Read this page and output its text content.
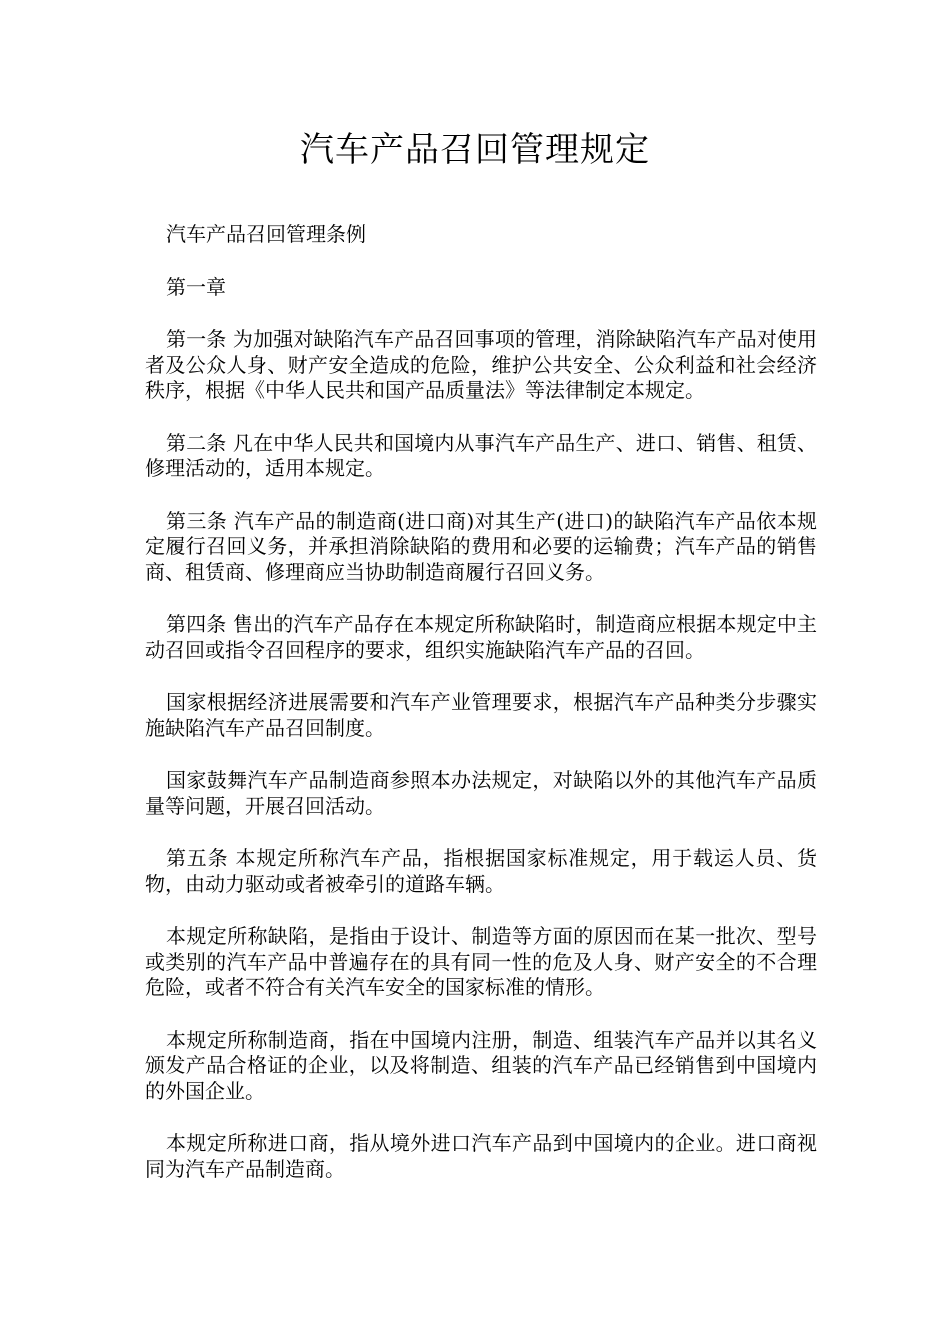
汽车产品召回管理规定

汽车产品召回管理条例

第一章

第一条 为加强对缺陷汽车产品召回事项的管理，消除缺陷汽车产品对使用者及公众人身、财产安全造成的危险，维护公共安全、公众利益和社会经济秩序，根据《中华人民共和国产品质量法》等法律制定本规定。

第二条 凡在中华人民共和国境内从事汽车产品生产、进口、销售、租赁、修理活动的，适用本规定。

第三条 汽车产品的制造商(进口商)对其生产(进口)的缺陷汽车产品依本规定履行召回义务，并承担消除缺陷的费用和必要的运输费；汽车产品的销售商、租赁商、修理商应当协助制造商履行召回义务。

第四条 售出的汽车产品存在本规定所称缺陷时，制造商应根据本规定中主动召回或指令召回程序的要求，组织实施缺陷汽车产品的召回。

国家根据经济进展需要和汽车产业管理要求，根据汽车产品种类分步骤实施缺陷汽车产品召回制度。

国家鼓舞汽车产品制造商参照本办法规定，对缺陷以外的其他汽车产品质量等问题，开展召回活动。

第五条 本规定所称汽车产品，指根据国家标准规定，用于载运人员、货物，由动力驱动或者被牵引的道路车辆。

本规定所称缺陷，是指由于设计、制造等方面的原因而在某一批次、型号或类别的汽车产品中普遍存在的具有同一性的危及人身、财产安全的不合理危险，或者不符合有关汽车安全的国家标准的情形。

本规定所称制造商，指在中国境内注册，制造、组装汽车产品并以其名义颁发产品合格证的企业，以及将制造、组装的汽车产品已经销售到中国境内的外国企业。

本规定所称进口商，指从境外进口汽车产品到中国境内的企业。进口商视同为汽车产品制造商。
